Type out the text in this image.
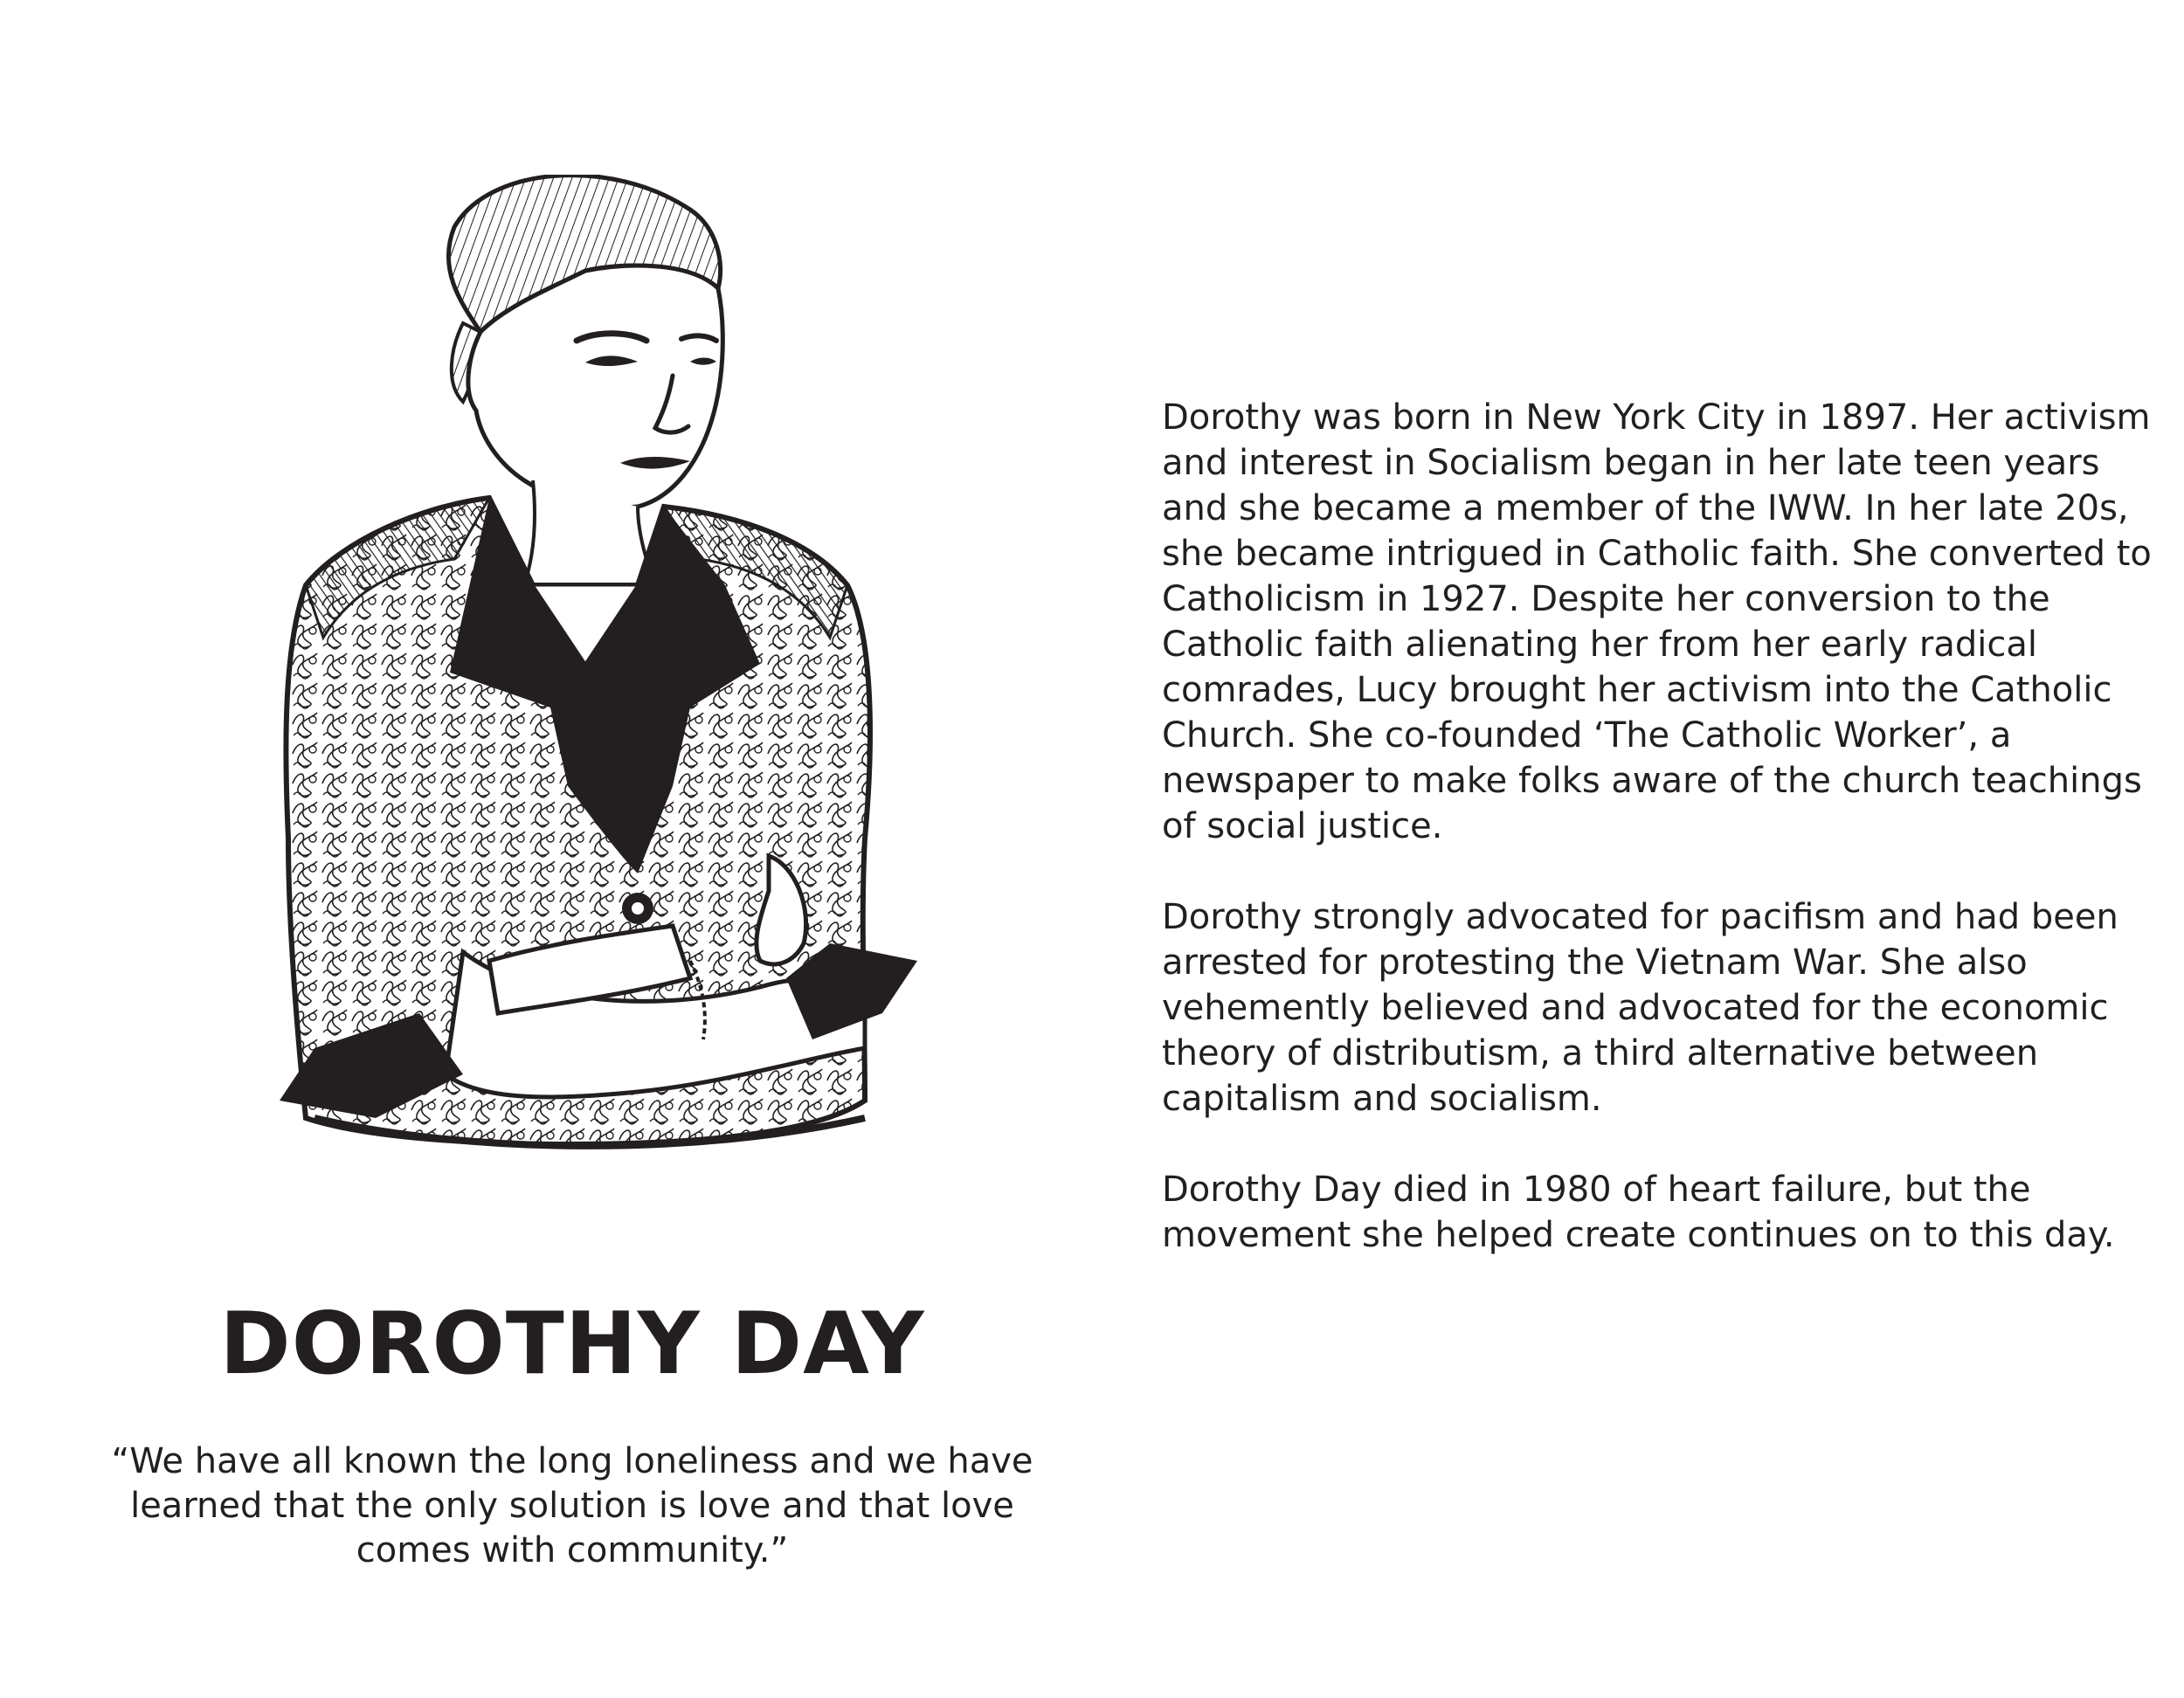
DOROTHY DAY

“We have all known the long loneliness and we have learned that the only solution is love and that love comes with community.”

Dorothy was born in New York City in 1897. Her activism and interest in Socialism began in her late teen years and she became a member of the IWW. In her late 20s, she became intrigued in Catholic faith. She converted to Catholicism in 1927. Despite her conversion to the Catholic faith alienating her from her early radical comrades, Lucy brought her activism into the Catholic Church. She co-founded ‘The Catholic Worker’, a newspaper to make folks aware of the church teachings of social justice.

Dorothy strongly advocated for pacifism and had been arrested for protesting the Vietnam War. She also vehemently believed and advocated for the economic theory of distributism, a third alternative between capitalism and socialism.

Dorothy Day died in 1980 of heart failure, but the movement she helped create continues on to this day.
